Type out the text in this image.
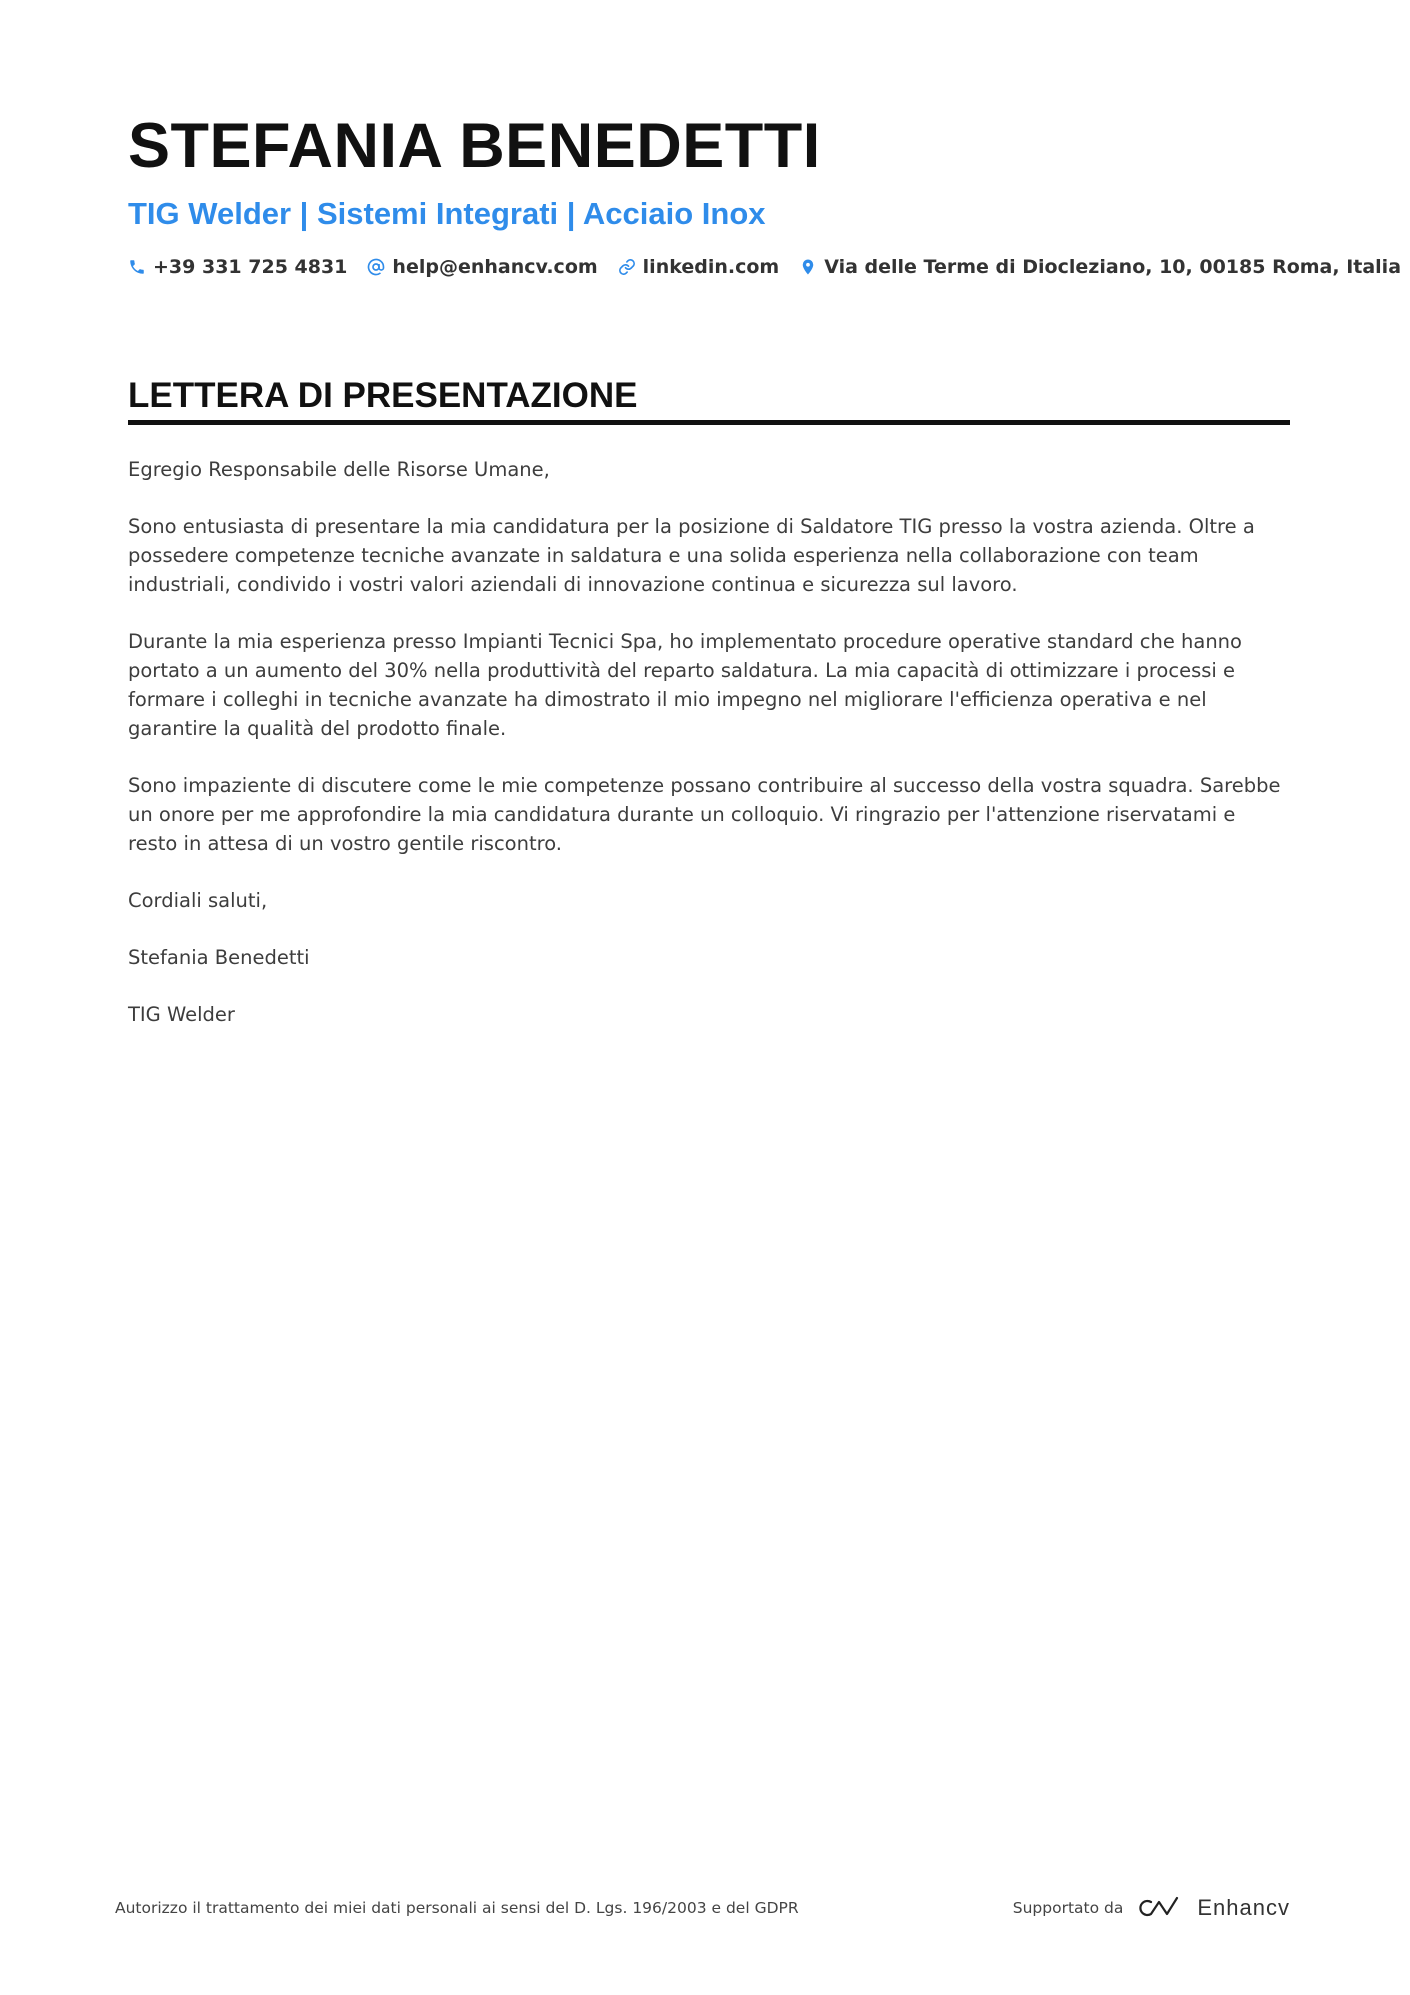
STEFANIA BENEDETTI
TIG Welder | Sistemi Integrati | Acciaio Inox
+39 331 725 4831 help@enhancv.com linkedin.com Via delle Terme di Diocleziano, 10, 00185 Roma, Italia
LETTERA DI PRESENTAZIONE

Egregio Responsabile delle Risorse Umane,

Sono entusiasta di presentare la mia candidatura per la posizione di Saldatore TIG presso la vostra azienda. Oltre a possedere competenze tecniche avanzate in saldatura e una solida esperienza nella collaborazione con team industriali, condivido i vostri valori aziendali di innovazione continua e sicurezza sul lavoro.

Durante la mia esperienza presso Impianti Tecnici Spa, ho implementato procedure operative standard che hanno portato a un aumento del 30% nella produttività del reparto saldatura. La mia capacità di ottimizzare i processi e formare i colleghi in tecniche avanzate ha dimostrato il mio impegno nel migliorare l'efficienza operativa e nel garantire la qualità del prodotto finale.

Sono impaziente di discutere come le mie competenze possano contribuire al successo della vostra squadra. Sarebbe un onore per me approfondire la mia candidatura durante un colloquio. Vi ringrazio per l'attenzione riservatami e resto in attesa di un vostro gentile riscontro.

Cordiali saluti,

Stefania Benedetti

TIG Welder

Autorizzo il trattamento dei miei dati personali ai sensi del D. Lgs. 196/2003 e del GDPR	Supportato da	Enhancv
